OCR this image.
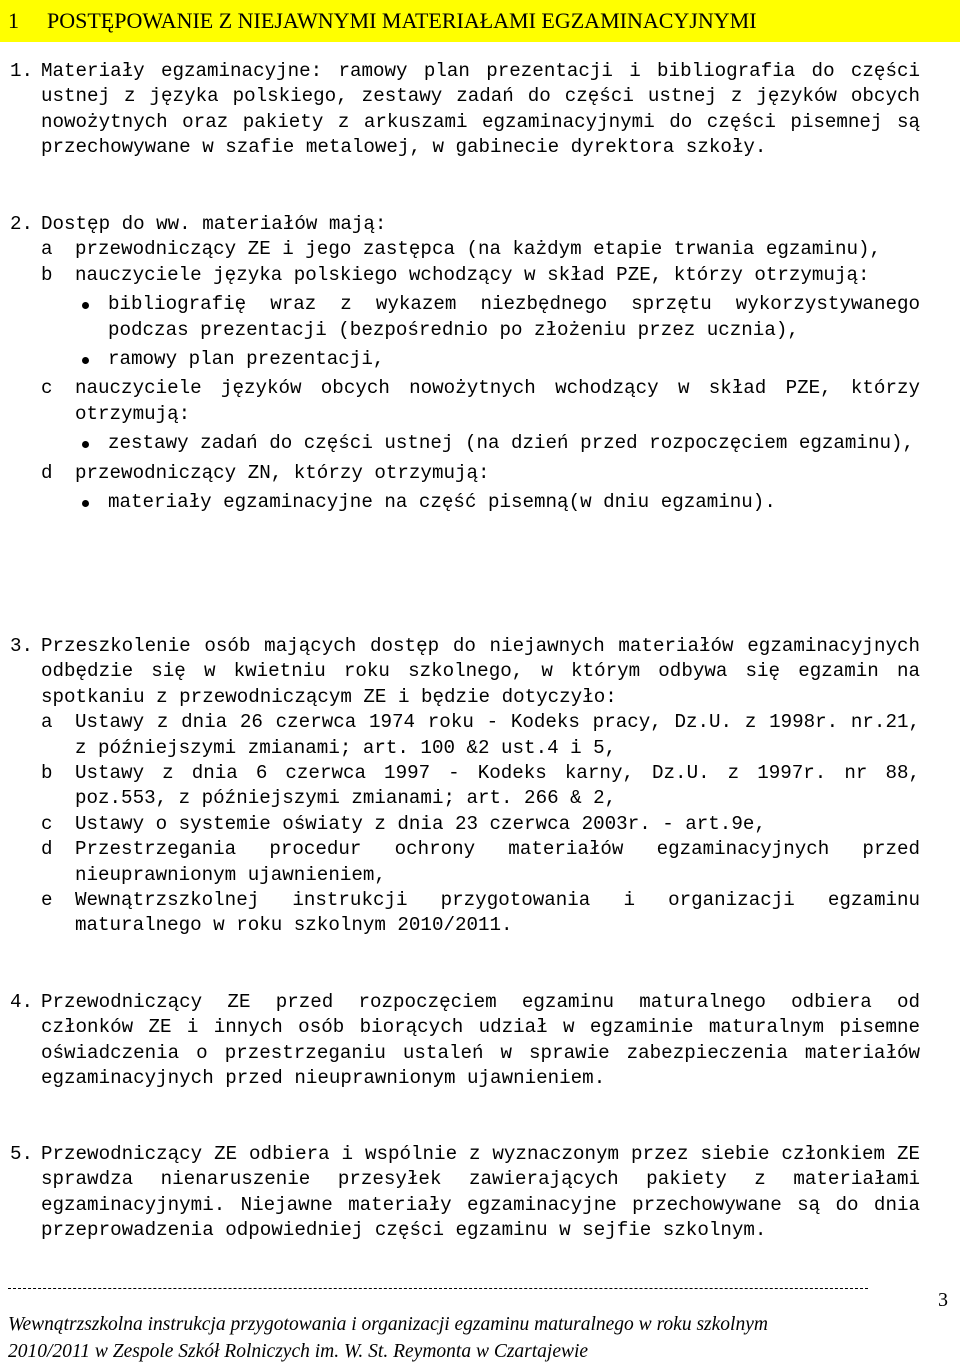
1 POSTĘPOWANIE Z NIEJAWNYMI MATERIAŁAMI EGZAMINACYJNYMI
1. Materiały egzaminacyjne: ramowy plan prezentacji i bibliografia do części ustnej z języka polskiego, zestawy zadań do części ustnej z języków obcych nowożytnych oraz pakiety z arkuszami egzaminacyjnymi do części pisemnej są przechowywane w szafie metalowej, w gabinecie dyrektora szkoły.
2. Dostęp do ww. materiałów mają:
a przewodniczący ZE i jego zastępca (na każdym etapie trwania egzaminu),
b nauczyciele języka polskiego wchodzący w skład PZE, którzy otrzymują:
bibliografię wraz z wykazem niezbędnego sprzętu wykorzystywanego podczas prezentacji (bezpośrednio po złożeniu przez ucznia),
ramowy plan prezentacji,
c nauczyciele języków obcych nowożytnych wchodzący w skład PZE, którzy otrzymują:
zestawy zadań do części ustnej (na dzień przed rozpoczęciem egzaminu),
d przewodniczący ZN, którzy otrzymują:
materiały egzaminacyjne na część pisemną(w dniu egzaminu).
3. Przeszkolenie osób mających dostęp do niejawnych materiałów egzaminacyjnych odbędzie się w kwietniu roku szkolnego, w którym odbywa się egzamin na spotkaniu z przewodniczącym ZE i będzie dotyczyło:
a Ustawy z dnia 26 czerwca 1974 roku - Kodeks pracy, Dz.U. z 1998r. nr.21, z późniejszymi zmianami; art. 100 &2 ust.4 i 5,
b Ustawy z dnia 6 czerwca 1997 - Kodeks karny, Dz.U. z 1997r. nr 88, poz.553, z późniejszymi zmianami; art. 266 & 2,
c Ustawy o systemie oświaty z dnia 23 czerwca 2003r. - art.9e,
d Przestrzegania procedur ochrony materiałów egzaminacyjnych przed nieuprawnionym ujawnieniem,
e Wewnątrzszkolnej instrukcji przygotowania i organizacji egzaminu maturalnego w roku szkolnym 2010/2011.
4. Przewodniczący ZE przed rozpoczęciem egzaminu maturalnego odbiera od członków ZE i innych osób biorących udział w egzaminie maturalnym pisemne oświadczenia o przestrzeganiu ustaleń w sprawie zabezpieczenia materiałów egzaminacyjnych przed nieuprawnionym ujawnieniem.
5. Przewodniczący ZE odbiera i wspólnie z wyznaczonym przez siebie członkiem ZE sprawdza nienaruszenie przesyłek zawierających pakiety z materiałami egzaminacyjnymi. Niejawne materiały egzaminacyjne przechowywane są do dnia przeprowadzenia odpowiedniej części egzaminu w sejfie szkolnym.
3
Wewnątrzszkolna instrukcja przygotowania i organizacji egzaminu maturalnego w roku szkolnym
2010/2011 w Zespole Szkół Rolniczych im. W. St. Reymonta w Czartajewie
